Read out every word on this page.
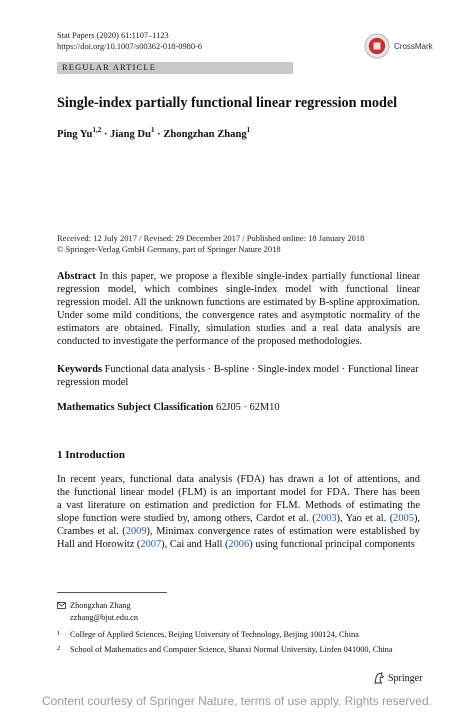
Stat Papers (2020) 61:1107–1123
https://doi.org/10.1007/s00362-018-0980-6	CrossMark
REGULAR ARTICLE
Single-index partially functional linear regression model
Ping Yu$^{1,2}$ · Jiang $Du^1$ · Zhongzhan Zhang$^1$
Received: 12 July 2017 / Revised: 29 December 2017 / Published online: 18 January 2018
© Springer-Verlag GmbH Germany, part of Springer Nature 2018
Abstract In this paper, we propose a flexible single-index partially functional linear regression model, which combines single-index model with functional linear regression model. All the unknown functions are estimated by B-spline approximation. Under some mild conditions, the convergence rates and asymptotic normality of the estimators are obtained. Finally, simulation studies and a real data analysis are conducted to investigate the performance of the proposed methodologies.
Keywords Functional data analysis · B-spline · Single-index model · Functional linear regression model
Mathematics Subject Classification 62J05 · 62M10
1 Introduction
In recent years, functional data analysis (FDA) has drawn a lot of attentions, and
the functional linear model (FLM) is an important model for FDA. There has been
a vast literature on estimation and prediction for FLM. Methods of estimating the
slope function were studied by, among others, Cardot et al. (2003), Yao et al. (2005),
Crambes et al. (2009), Minimax convergence rates of estimation were established by
Hall and Horowitz (2007), Cai and Hall (2006) using functional principal components
Zhongzhan Zhang
zzhang@bjut.edu.cn
1 College of Applied Sciences, Beijing University of Technology, Beijing 100124, China
2 School of Mathematics and Computer Science, Shanxi Normal University, Linfen 041000, China
Springer
Content courtesy of Springer Nature, terms of use apply. Rights reserved.
